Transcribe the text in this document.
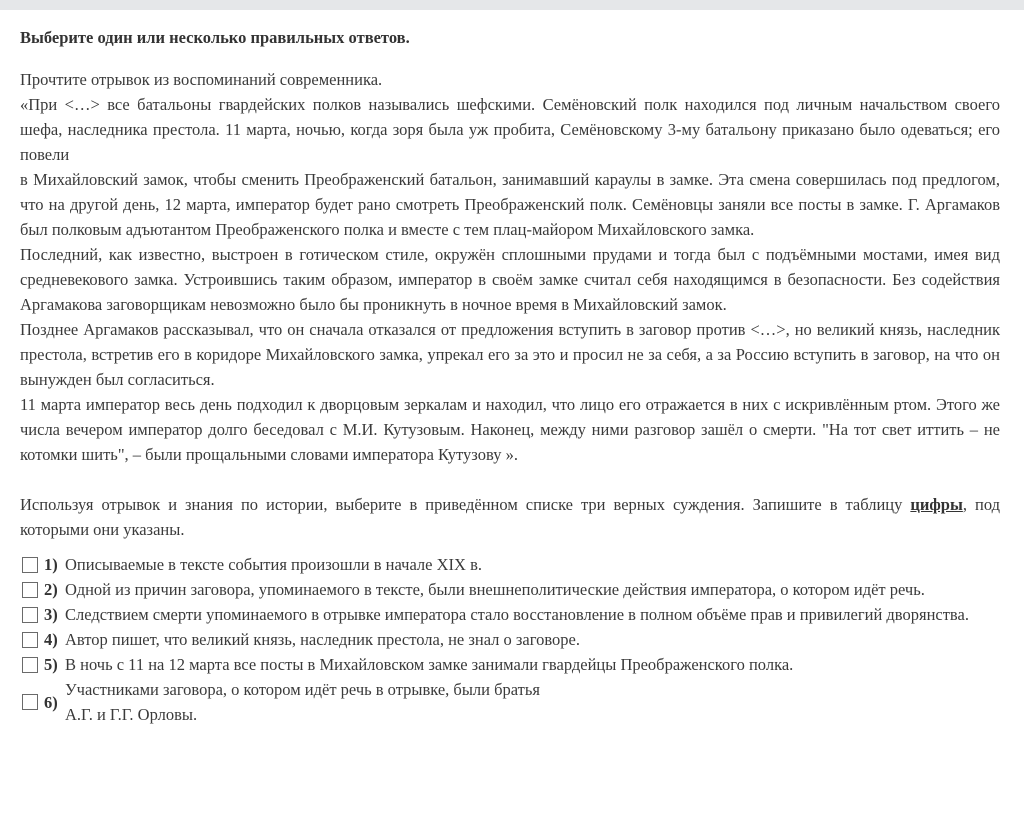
Выберите один или несколько правильных ответов.

Прочтите отрывок из воспоминаний современника.

«При <…> все батальоны гвардейских полков назывались шефскими. Семёновский полк находился под личным начальством своего шефа, наследника престола. 11 марта, ночью, когда зоря была уж пробита, Семёновскому 3-му батальону приказано было одеваться; его повели

в Михайловский замок, чтобы сменить Преображенский батальон, занимавший караулы в замке. Эта смена совершилась под предлогом, что на другой день, 12 марта, император будет рано смотреть Преображенский полк. Семёновцы заняли все посты в замке. Г. Аргамаков был полковым адъютантом Преображенского полка и вместе с тем плац-майором Михайловского замка.

Последний, как известно, выстроен в готическом стиле, окружён сплошными прудами и тогда был с подъёмными мостами, имея вид средневекового замка. Устроившись таким образом, император в своём замке считал себя находящимся в безопасности. Без содействия Аргамакова заговорщикам невозможно было бы проникнуть в ночное время в Михайловский замок.

Позднее Аргамаков рассказывал, что он сначала отказался от предложения вступить в заговор против <…>, но великий князь, наследник престола, встретив его в коридоре Михайловского замка, упрекал его за это и просил не за себя, а за Россию вступить в заговор, на что он вынужден был согласиться.

11 марта император весь день подходил к дворцовым зеркалам и находил, что лицо его отражается в них с искривлённым ртом. Этого же числа вечером император долго беседовал с М.И. Кутузовым. Наконец, между ними разговор зашёл о смерти. "На тот свет иттить – не котомки шить", – были прощальными словами императора Кутузову ».

Используя отрывок и знания по истории, выберите в приведённом списке три верных суждения. Запишите в таблицу цифры, под которыми они указаны.
1) Описываемые в тексте события произошли в начале XIX в.
2) Одной из причин заговора, упоминаемого в тексте, были внешнеполитические действия императора, о котором идёт речь.
3) Следствием смерти упоминаемого в отрывке императора стало восстановление в полном объёме прав и привилегий дворянства.
4) Автор пишет, что великий князь, наследник престола, не знал о заговоре.
5) В ночь с 11 на 12 марта все посты в Михайловском замке занимали гвардейцы Преображенского полка.
6)
Участниками заговора, о котором идёт речь в отрывке, были братья
А.Г. и Г.Г. Орловы.
